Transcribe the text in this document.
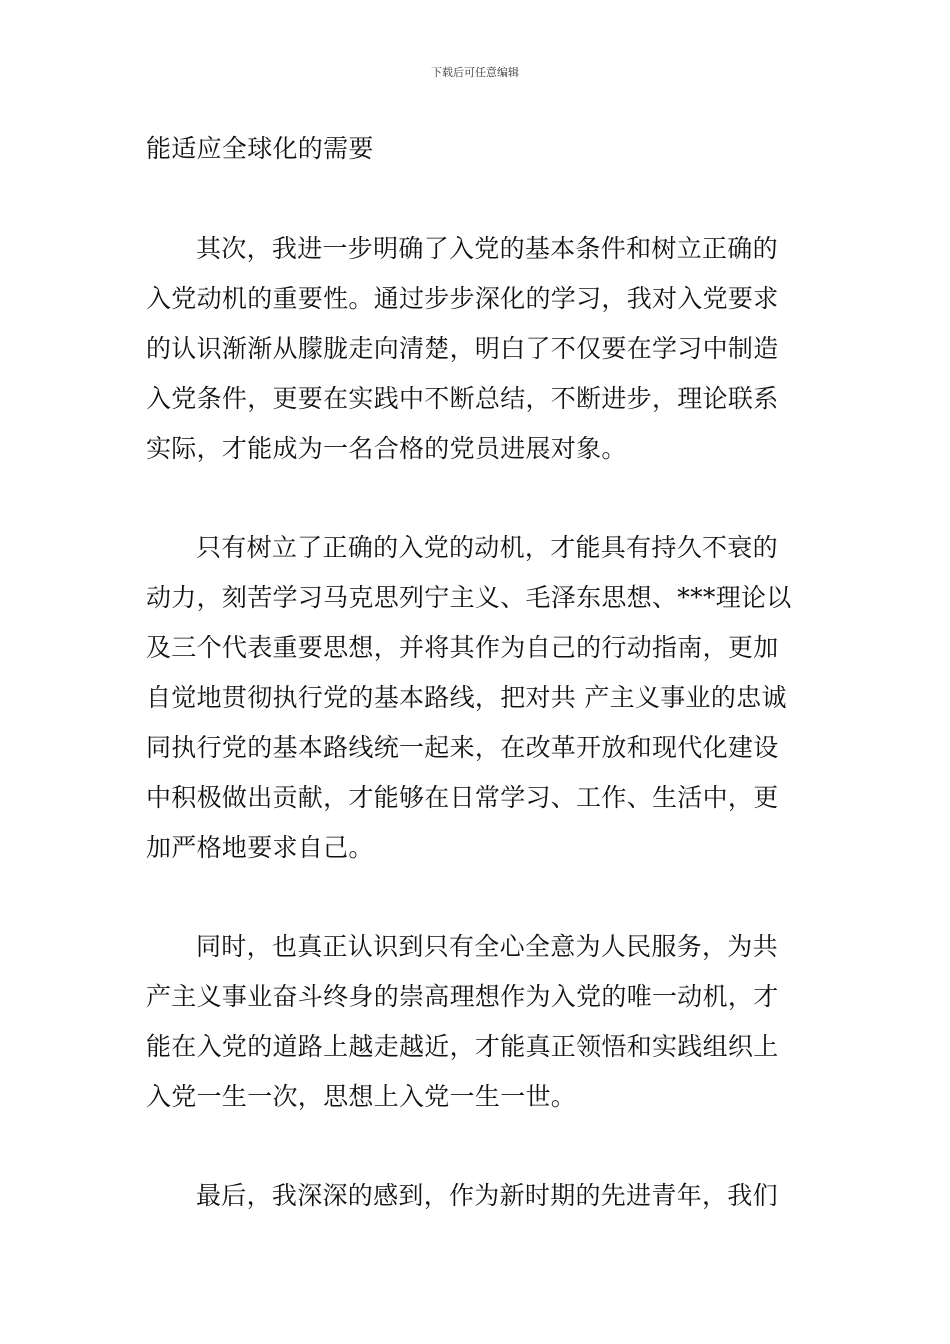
下载后可任意编辑
能适应全球化的需要
其次，我进一步明确了入党的基本条件和树立正确的
入党动机的重要性。通过步步深化的学习，我对入党要求
的认识渐渐从朦胧走向清楚，明白了不仅要在学习中制造
入党条件，更要在实践中不断总结，不断进步，理论联系
实际，才能成为一名合格的党员进展对象。
只有树立了正确的入党的动机，才能具有持久不衰的
动力，刻苦学习马克思列宁主义、毛泽东思想、***理论以
及三个代表重要思想，并将其作为自己的行动指南，更加
自觉地贯彻执行党的基本路线，把对共 产主义事业的忠诚
同执行党的基本路线统一起来，在改革开放和现代化建设
中积极做出贡献，才能够在日常学习、工作、生活中，更
加严格地要求自己。
同时，也真正认识到只有全心全意为人民服务，为共
产主义事业奋斗终身的崇高理想作为入党的唯一动机，才
能在入党的道路上越走越近，才能真正领悟和实践组织上
入党一生一次，思想上入党一生一世。
最后，我深深的感到，作为新时期的先进青年，我们
